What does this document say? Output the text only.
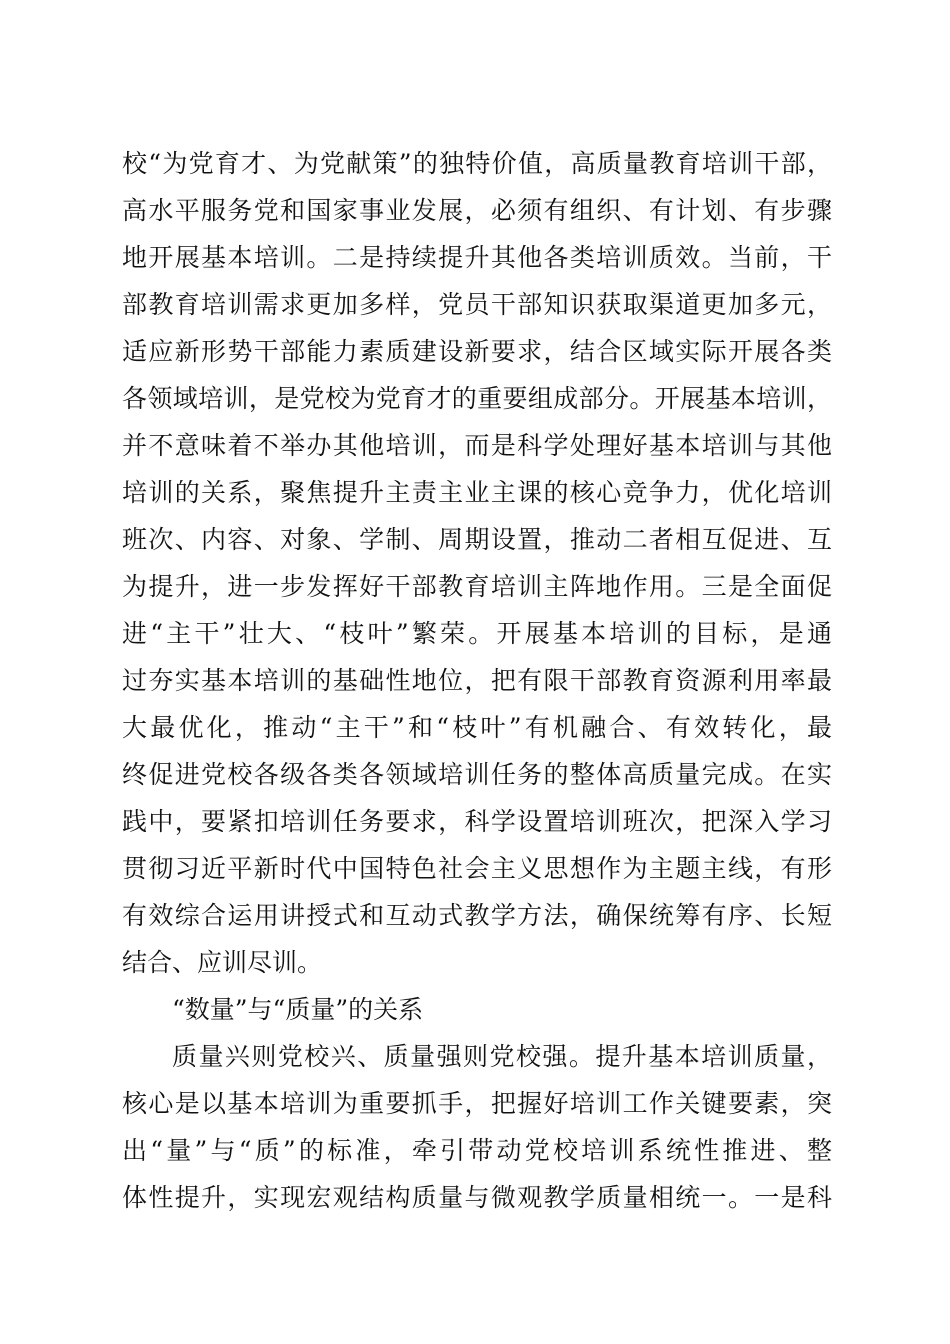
校“为党育才、为党献策”的独特价值，高质量教育培训干部，
高水平服务党和国家事业发展，必须有组织、有计划、有步骤
地开展基本培训。二是持续提升其他各类培训质效。当前，干
部教育培训需求更加多样，党员干部知识获取渠道更加多元，
适应新形势干部能力素质建设新要求，结合区域实际开展各类
各领域培训，是党校为党育才的重要组成部分。开展基本培训，
并不意味着不举办其他培训，而是科学处理好基本培训与其他
培训的关系，聚焦提升主责主业主课的核心竞争力，优化培训
班次、内容、对象、学制、周期设置，推动二者相互促进、互
为提升，进一步发挥好干部教育培训主阵地作用。三是全面促
进“主干”壮大、“枝叶”繁荣。开展基本培训的目标，是通
过夯实基本培训的基础性地位，把有限干部教育资源利用率最
大最优化，推动“主干”和“枝叶”有机融合、有效转化，最
终促进党校各级各类各领域培训任务的整体高质量完成。在实
践中，要紧扣培训任务要求，科学设置培训班次，把深入学习
贯彻习近平新时代中国特色社会主义思想作为主题主线，有形
有效综合运用讲授式和互动式教学方法，确保统筹有序、长短
结合、应训尽训。
“数量”与“质量”的关系
质量兴则党校兴、质量强则党校强。提升基本培训质量，
核心是以基本培训为重要抓手，把握好培训工作关键要素，突
出“量”与“质”的标准，牵引带动党校培训系统性推进、整
体性提升，实现宏观结构质量与微观教学质量相统一。一是科
